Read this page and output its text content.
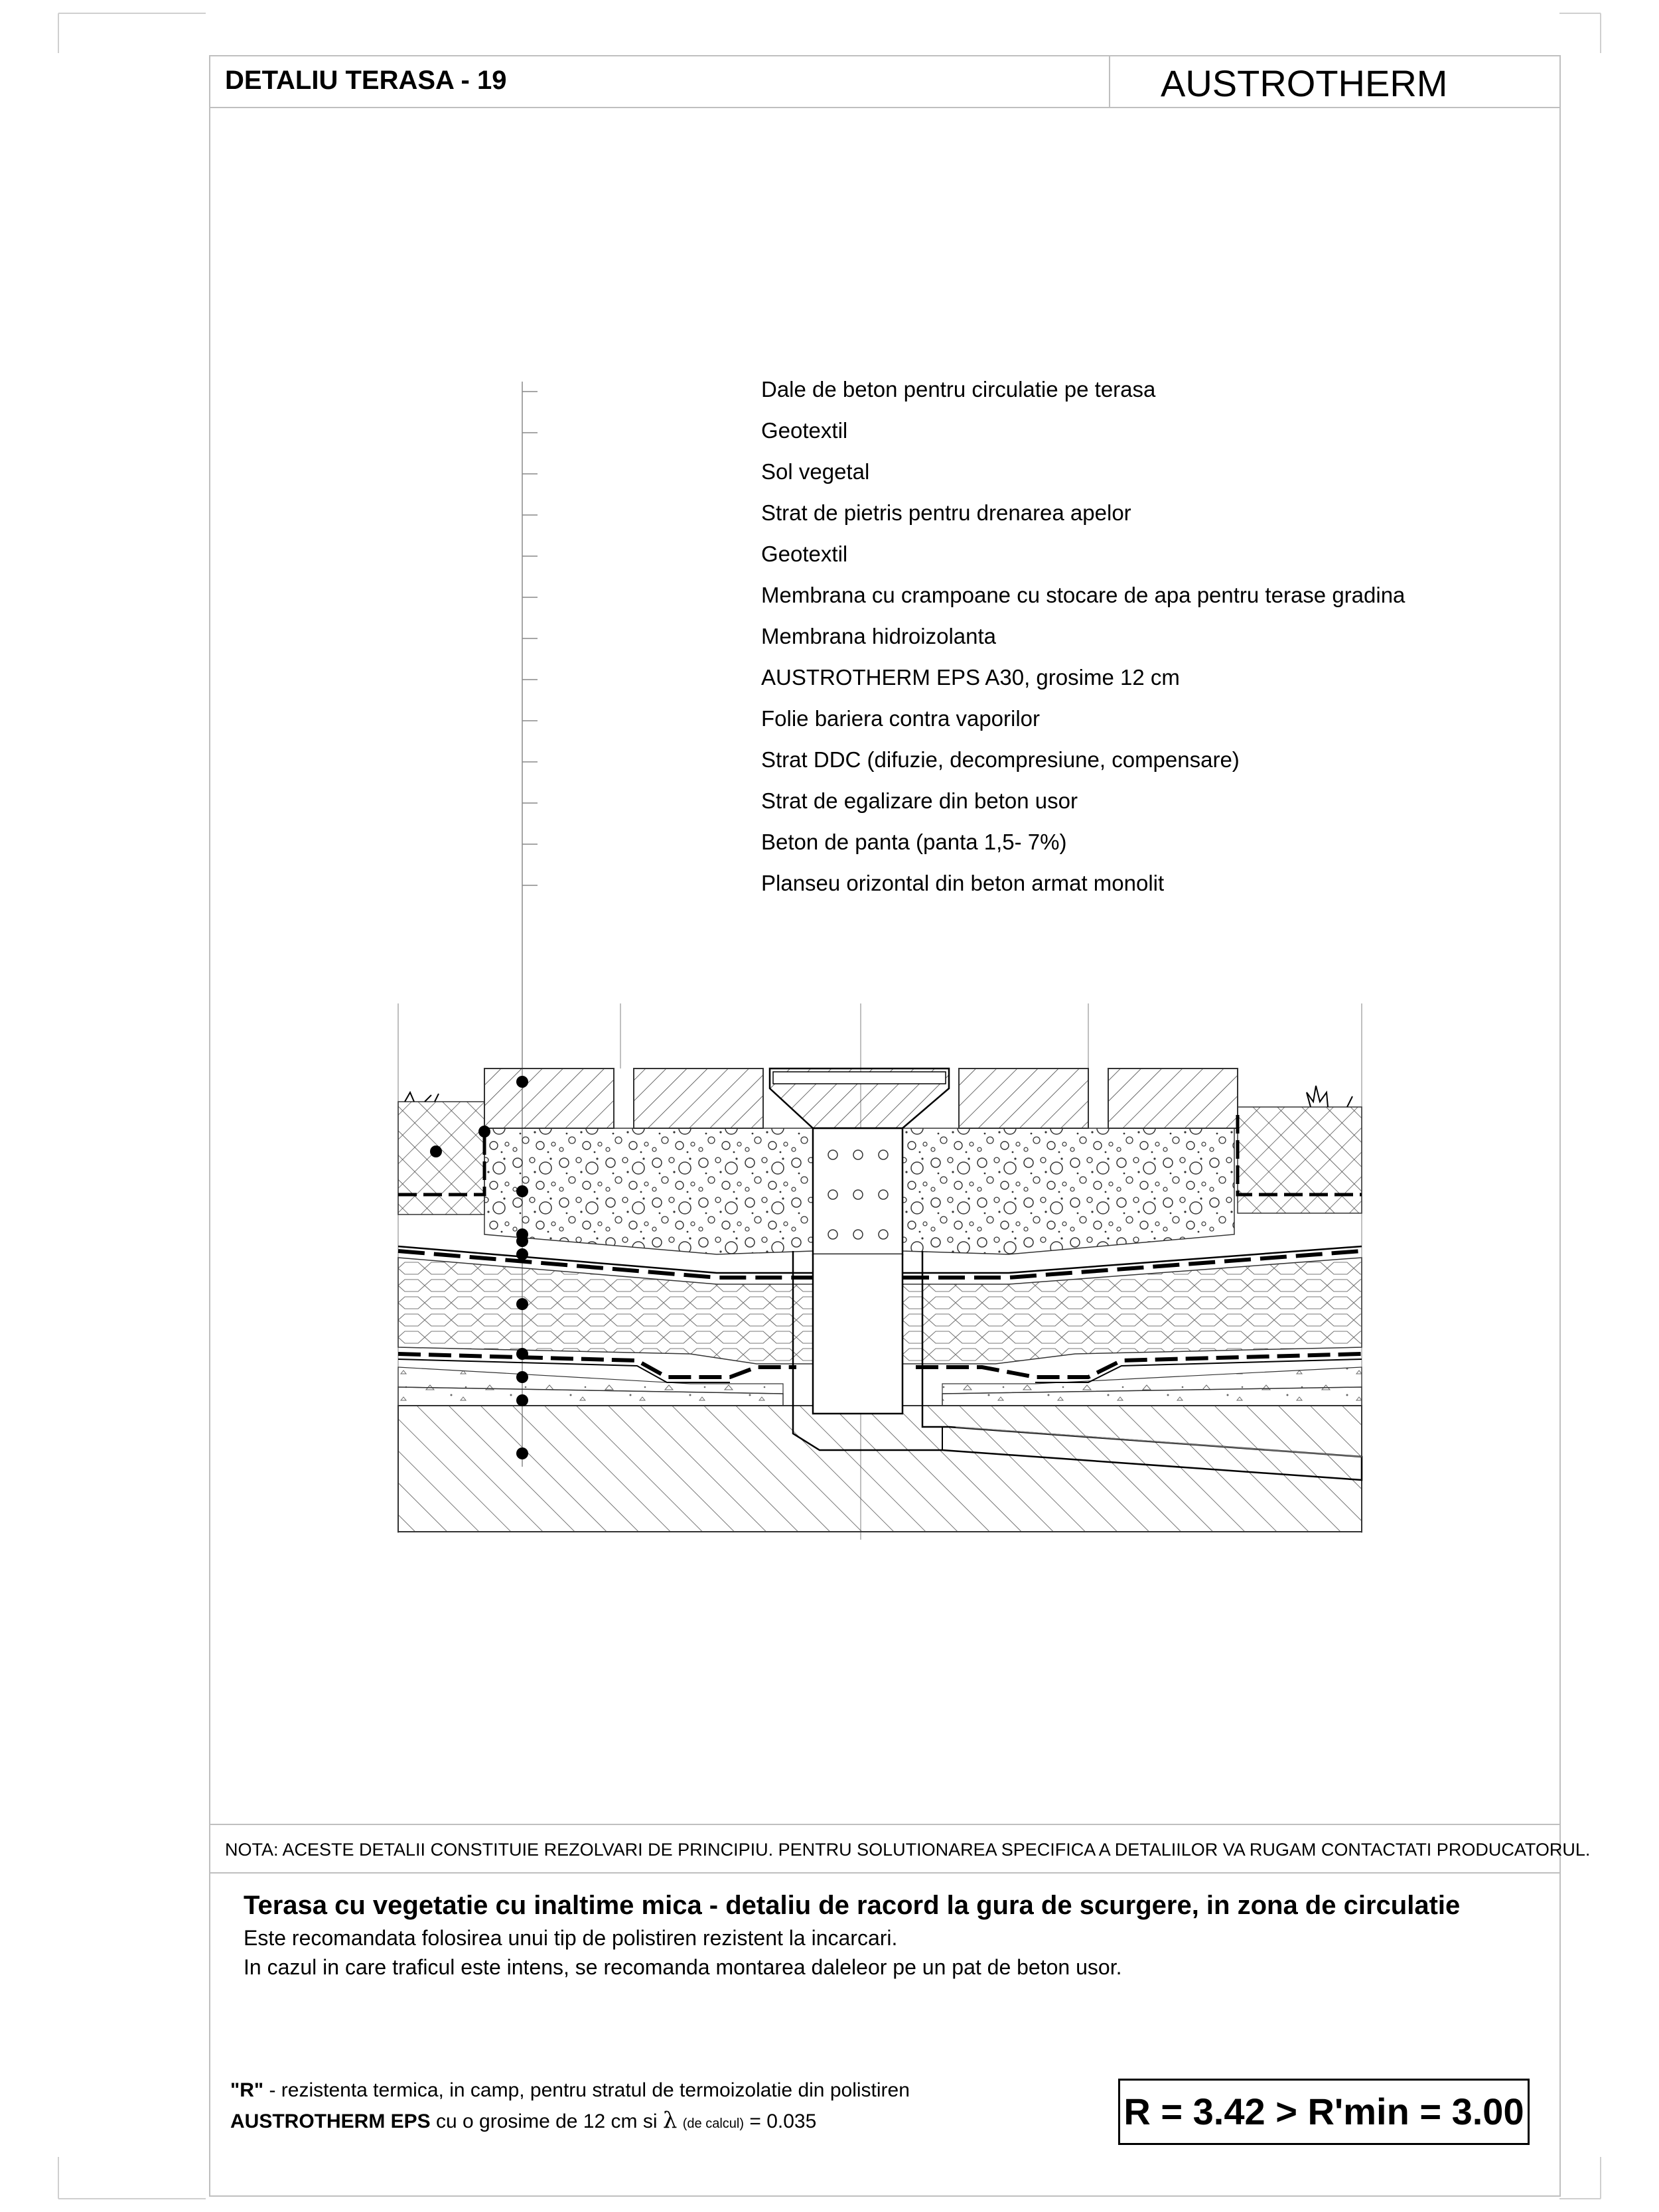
DETALIU TERASA - 19	AUSTROTHERM
Dale de beton pentru circulatie pe terasa
Geotextil
Sol vegetal
Strat de pietris pentru drenarea apelor
Geotextil
Membrana cu crampoane cu stocare de apa pentru terase gradina
Membrana hidroizolanta
AUSTROTHERM EPS A30, grosime 12 cm
Folie bariera contra vaporilor
Strat DDC (difuzie, decompresiune, compensare)
Strat de egalizare din beton usor
Beton de panta (panta 1,5- 7%)
Planseu orizontal din beton armat monolit
NOTA: ACESTE DETALII CONSTITUIE REZOLVARI DE PRINCIPIU. PENTRU SOLUTIONAREA SPECIFICA A DETALIILOR VA RUGAM CONTACTATI PRODUCATORUL.
Terasa cu vegetatie cu inaltime mica - detaliu de racord la gura de scurgere, in zona de circulatie
Este recomandata folosirea unui tip de polistiren rezistent la incarcari.
In cazul in care traficul este intens, se recomanda montarea daleleor pe un pat de beton usor.
"R" - rezistenta termica, in camp, pentru stratul de termoizolatie din polistiren
AUSTROTHERM EPS cu o grosime de 12 cm si λ (de calcul) = 0.035	R = 3.42 > R'min = 3.00
